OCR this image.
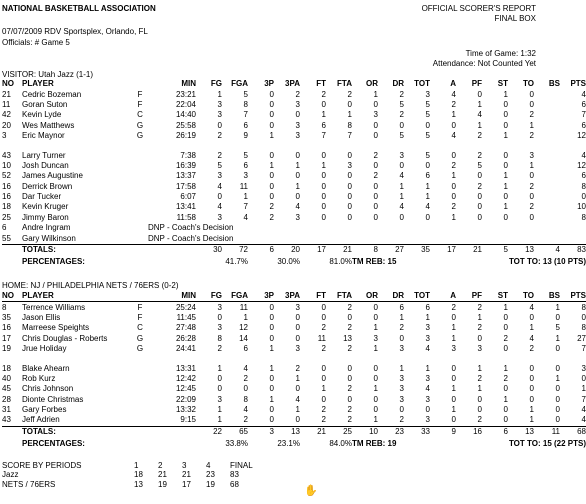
NATIONAL BASKETBALL ASSOCIATION	OFFICIAL SCORER'S REPORT
FINAL BOX
07/07/2009 RDV Sportsplex, Orlando, FL
Officials: # Game 5
Time of Game: 1:32
Attendance: Not Counted Yet
VISITOR: Utah Jazz (1-1)
NO	PLAYER		MIN	FG	FGA	3P	3PA	FT	FTA	OR	DR	TOT	A	PF	ST	TO	BS	PTS
21	Cedric Bozeman	F	23:21	1	5	0	2	2	2	1	2	3	4	0	1	0		4
11	Goran Suton	F	22:04	3	8	0	3	0	0	0	5	5	2	1	0	0		6
42	Kevin Lyde	C	14:40	3	7	0	0	1	1	3	2	5	1	4	0	2		7
20	Wes Matthews	G	25:58	0	6	0	3	6	8	0	0	0	0	1	0	1		6
3	Eric Maynor	G	26:19	2	9	1	3	7	7	0	5	5	4	2	1	2		12

43	Larry Turner		7:38	2	5	0	0	0	0	2	3	5	0	2	0	3		4
10	Josh Duncan		16:39	5	6	1	1	1	3	0	0	0	2	5	0	1		12
52	James Augustine		13:37	3	3	0	0	0	0	2	4	6	1	0	1	0		6
16	Derrick Brown		17:58	4	11	0	1	0	0	0	1	1	0	2	1	2		8
16	Dar Tucker		6:07	0	1	0	0	0	0	0	1	1	0	0	0	0		0
18	Kevin Kruger		13:41	4	7	2	4	0	0	0	4	4	2	0	1	2		10
25	Jimmy Baron		11:58	3	4	2	3	0	0	0	0	0	1	0	0	0		8
6	Andre Ingram		DNP - Coach's Decision															
55	Gary Wilkinson		DNP - Coach's Decision															
	TOTALS:			30	72	6	20	17	21	8	27	35	17	21	5	13	4	83
	PERCENTAGES:			41.7%		30.0%		81.0%		TM REB: 15					TOT TO: 13 (10 PTS)			
HOME: NJ / PHILADELPHIA NETS / 76ERS (0-2)
NO	PLAYER		MIN	FG	FGA	3P	3PA	FT	FTA	OR	DR	TOT	A	PF	ST	TO	BS	PTS
8	Terrence Williams	F	25:24	3	11	0	3	0	2	0	6	6	2	2	1	4	1	8
35	Jason Ellis	F	11:45	0	1	0	0	0	0	0	1	1	0	1	0	0	0	0
16	Marreese Speights	C	27:48	3	12	0	0	2	2	1	2	3	1	2	0	1	5	8
17	Chris Douglas - Roberts	G	26:28	8	14	0	0	11	13	3	0	3	1	0	2	4	1	27
19	Jrue Holiday	G	24:41	2	6	1	3	2	2	1	3	4	3	3	0	2	0	7

18	Blake Ahearn		13:31	1	4	1	2	0	0	0	1	1	0	1	1	0	0	3
40	Rob Kurz		12:42	0	2	0	1	0	0	0	3	3	0	2	2	0	1	0
45	Chris Johnson		12:45	0	0	0	0	1	2	1	3	4	1	1	0	0	0	1
28	Dionte Christmas		22:09	3	8	1	4	0	0	0	3	3	0	0	1	0	0	7
31	Gary Forbes		13:32	1	4	0	1	2	2	0	0	0	1	0	0	1	0	4
43	Jeff Adrien		9:15	1	2	0	0	2	2	1	2	3	0	2	0	1	0	4
	TOTALS:			22	65	3	13	21	25	10	23	33	9	16	6	13	11	68
	PERCENTAGES:			33.8%		23.1%		84.0%		TM REB: 19					TOT TO: 15 (22 PTS)			
SCORE BY PERIODS	1	2	3	4	FINAL
Jazz	18	21	21	23	83
NETS / 76ERS	13	19	17	19	68
✋
